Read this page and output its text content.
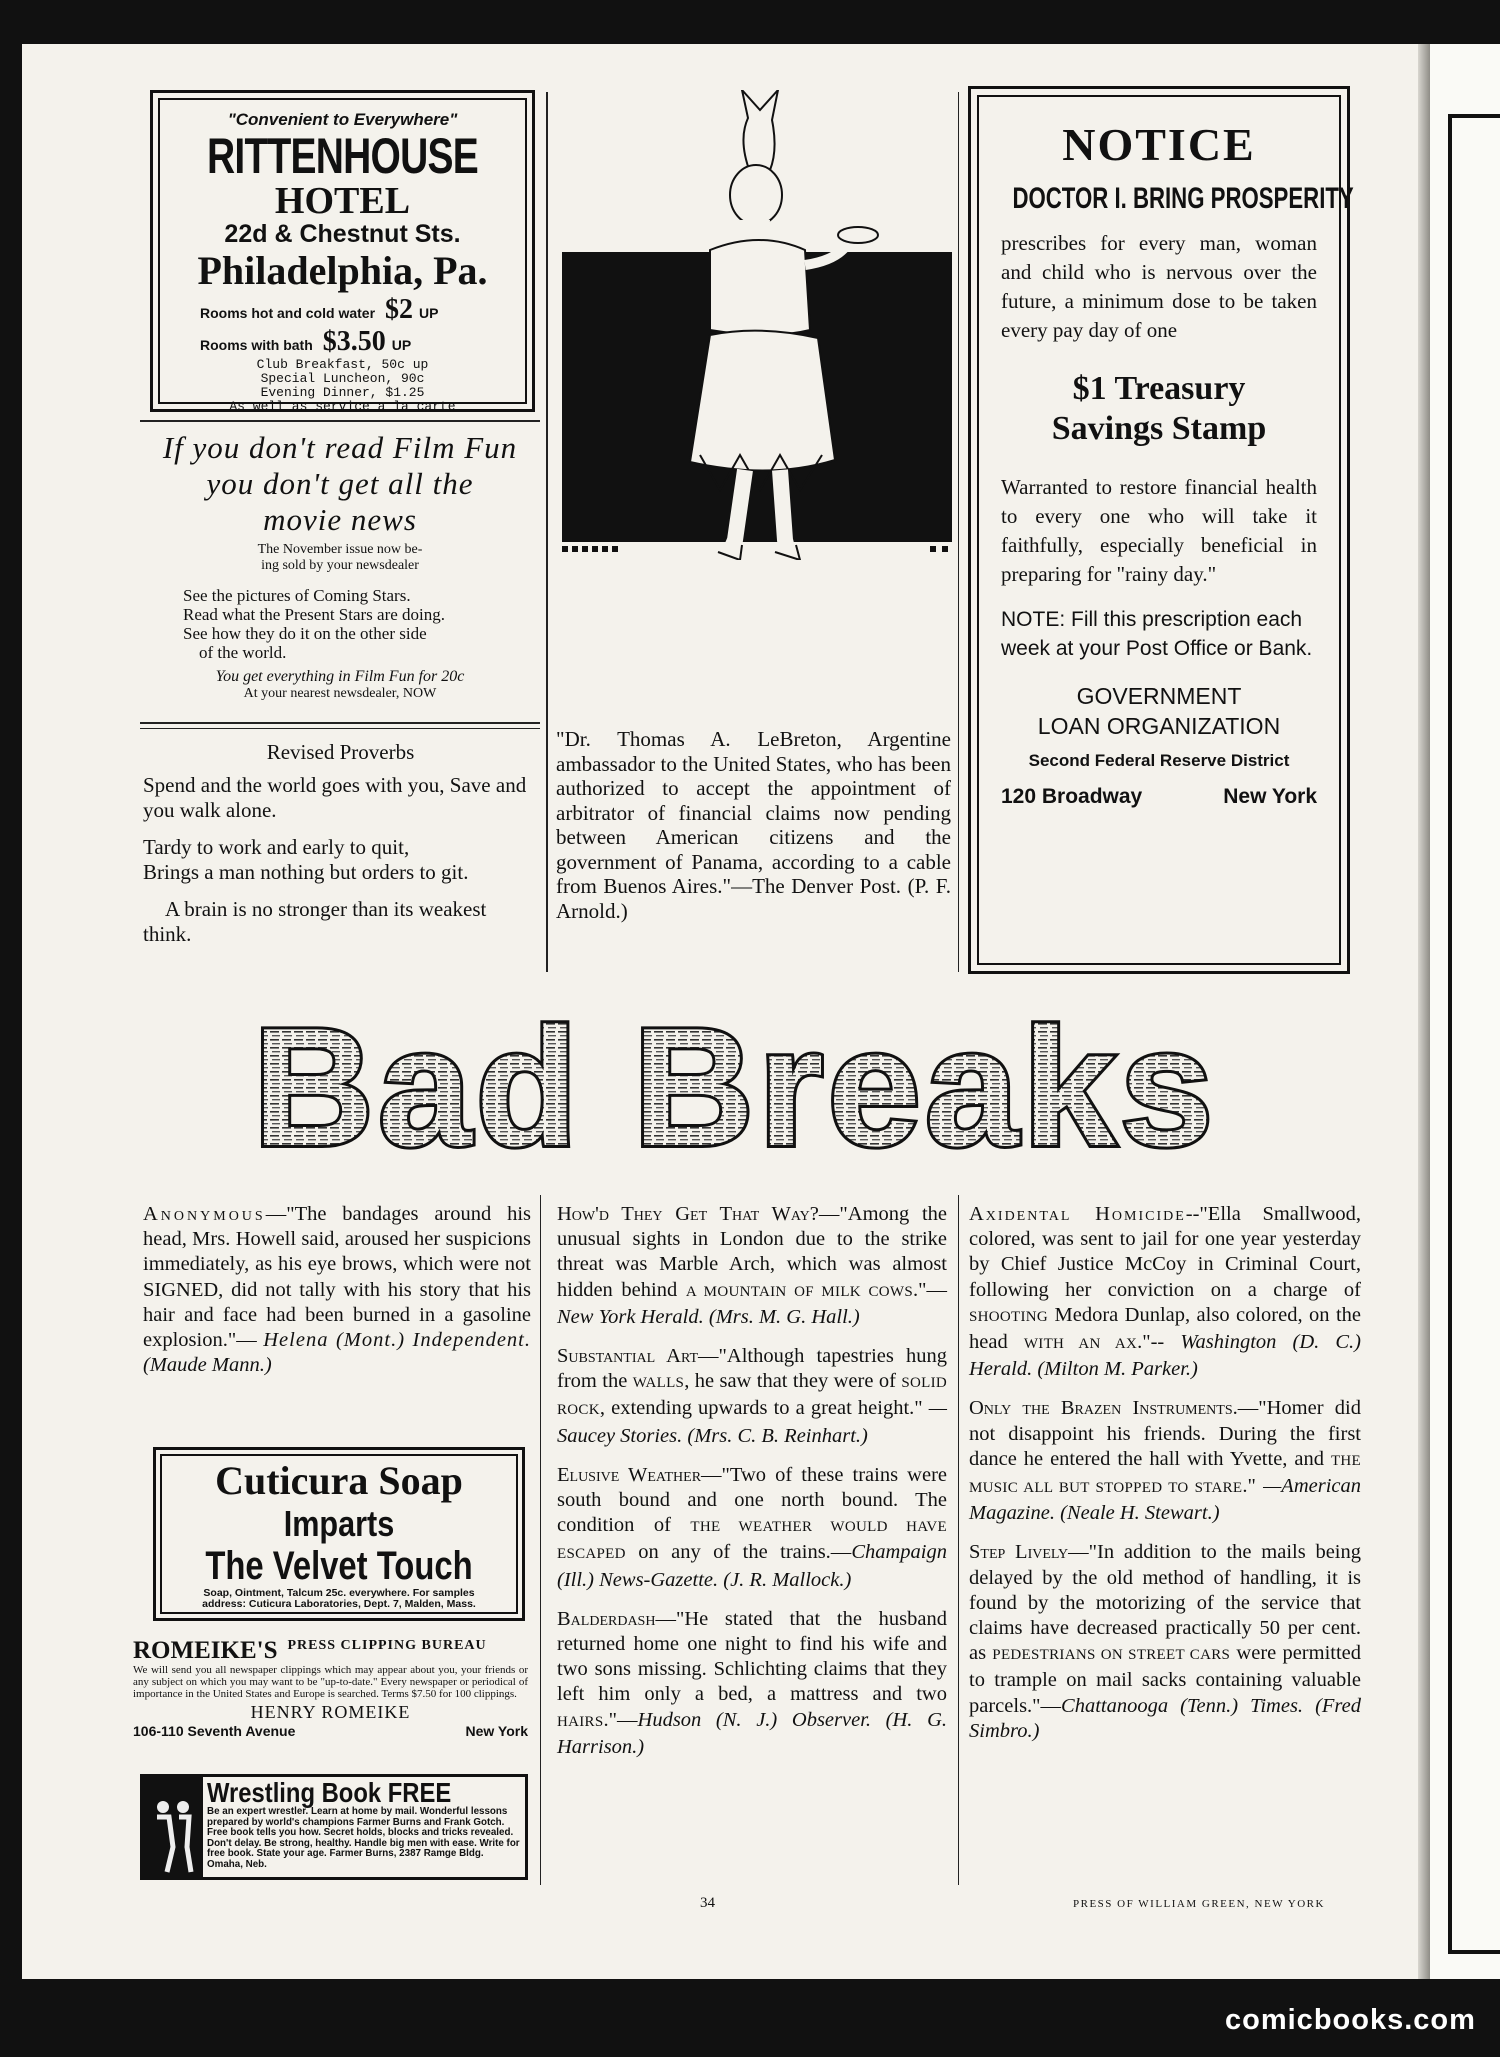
"Convenient to Everywhere"
RITTENHOUSE
HOTEL
22d & Chestnut Sts.
Philadelphia, Pa.
Rooms hot and cold water $2 UP
Rooms with bath $3.50 UP
Club Breakfast, 50c up
Special Luncheon, 90c
Evening Dinner, $1.25
As well as service a la carte
If you don't read Film Fun
you don't get all the
movie news
The November issue now be-
ing sold by your newsdealer
See the pictures of Coming Stars.
Read what the Present Stars are doing.
See how they do it on the other side
of the world.
You get everything in Film Fun for 20c
At your nearest newsdealer, NOW
Revised Proverbs

Spend and the world goes with you, Save and you walk alone.

Tardy to work and early to quit,
Brings a man nothing but orders to git.

A brain is no stronger than its weakest think.

"Dr. Thomas A. LeBreton, Argentine ambassador to the United States, who has been authorized to accept the appointment of arbitrator of financial claims now pending between American citizens and the government of Panama, according to a cable from Buenos Aires."—The Denver Post. (P. F. Arnold.)
NOTICE
DOCTOR I. BRING PROSPERITY
prescribes for every man, woman and child who is nervous over the future, a minimum dose to be taken every pay day of one
$1 Treasury
Savings Stamp
Warranted to restore financial health to every one who will take it faithfully, especially beneficial in preparing for "rainy day."
NOTE: Fill this prescription each week at your Post Office or Bank.
GOVERNMENT
LOAN ORGANIZATION
Second Federal Reserve District
120 Broadway	New York
Bad Breaks

Anonymous—"The bandages around his head, Mrs. Howell said, aroused her suspicions immediately, as his eye brows, which were not SIGNED, did not tally with his story that his hair and face had been burned in a gasoline explosion."— Helena (Mont.) Independent. (Maude Mann.)

Cuticura Soap
Imparts
The Velvet Touch
Soap, Ointment, Talcum 25c. everywhere. For samples
address: Cuticura Laboratories, Dept. 7, Malden, Mass.
ROMEIKE'S PRESS CLIPPING BUREAU
We will send you all newspaper clippings which may appear about you, your friends or any subject on which you may want to be "up-to-date." Every newspaper or periodical of importance in the United States and Europe is searched. Terms $7.50 for 100 clippings.
HENRY ROMEIKE
106-110 Seventh Avenue	New York
Wrestling Book FREE
Be an expert wrestler. Learn at home by mail. Wonderful lessons prepared by world's champions Farmer Burns and Frank Gotch. Free book tells you how. Secret holds, blocks and tricks revealed. Don't delay. Be strong, healthy. Handle big men with ease. Write for free book. State your age. Farmer Burns, 2387 Ramge Bldg. Omaha, Neb.

How'd They Get That Way?—"Among the unusual sights in London due to the strike threat was Marble Arch, which was almost hidden behind A MOUNTAIN OF MILK COWS."—New York Herald. (Mrs. M. G. Hall.)

Substantial Art—"Although tapestries hung from the WALLS, he saw that they were of SOLID ROCK, extending upwards to a great height." —Saucey Stories. (Mrs. C. B. Reinhart.)

Elusive Weather—"Two of these trains were south bound and one north bound. The condition of THE WEATHER WOULD HAVE ESCAPED on any of the trains.—Champaign (Ill.) News-Gazette. (J. R. Mallock.)

Balderdash—"He stated that the husband returned home one night to find his wife and two sons missing. Schlichting claims that they left him only a bed, a mattress and two HAIRS."—Hudson (N. J.) Observer. (H. G. Harrison.)

Axidental Homicide--"Ella Smallwood, colored, was sent to jail for one year yesterday by Chief Justice McCoy in Criminal Court, following her conviction on a charge of SHOOTING Medora Dunlap, also colored, on the head WITH AN AX."-- Washington (D. C.) Herald. (Milton M. Parker.)

Only the Brazen Instruments.—"Homer did not disappoint his friends. During the first dance he entered the hall with Yvette, and THE MUSIC ALL BUT STOPPED TO STARE." —American Magazine. (Neale H. Stewart.)

Step Lively—"In addition to the mails being delayed by the old method of handling, it is found by the motorizing of the service that claims have decreased practically 50 per cent. as PEDESTRIANS ON STREET CARS were permitted to trample on mail sacks containing valuable parcels."—Chattanooga (Tenn.) Times. (Fred Simbro.)

34	PRESS OF WILLIAM GREEN, NEW YORK
comicbooks.com
